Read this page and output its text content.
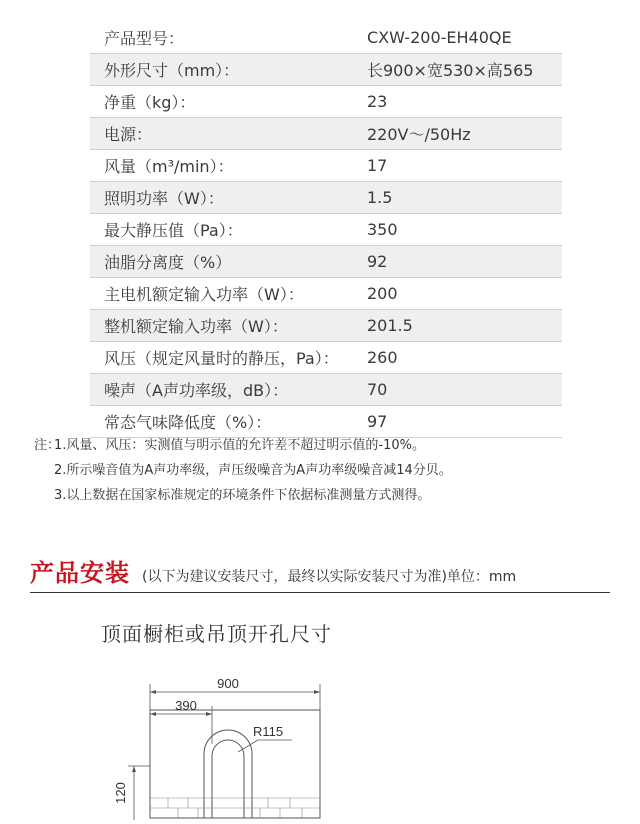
产品型号：	CXW-200-EH40QE
外形尺寸（mm）：	长900×宽530×高565
净重（kg）：	23
电源：	220V～/50Hz
风量（m³/min）：	17
照明功率（W）：	1.5
最大静压值（Pa）：	350
油脂分离度（%）	92
主电机额定输入功率（W）：	200
整机额定输入功率（W）：	201.5
风压（规定风量时的静压，Pa）：	260
噪声（A声功率级，dB）：	70
常态气味降低度（%）：	97
注：1.风量、风压：实测值与明示值的允许差不超过明示值的-10%。
2.所示噪音值为A声功率级，声压级噪音为A声功率级噪音减14分贝。
3.以上数据在国家标准规定的环境条件下依据标准测量方式测得。
产品安装 (以下为建议安装尺寸，最终以实际安装尺寸为准)单位：mm
顶面橱柜或吊顶开孔尺寸
900
390
R115
120
